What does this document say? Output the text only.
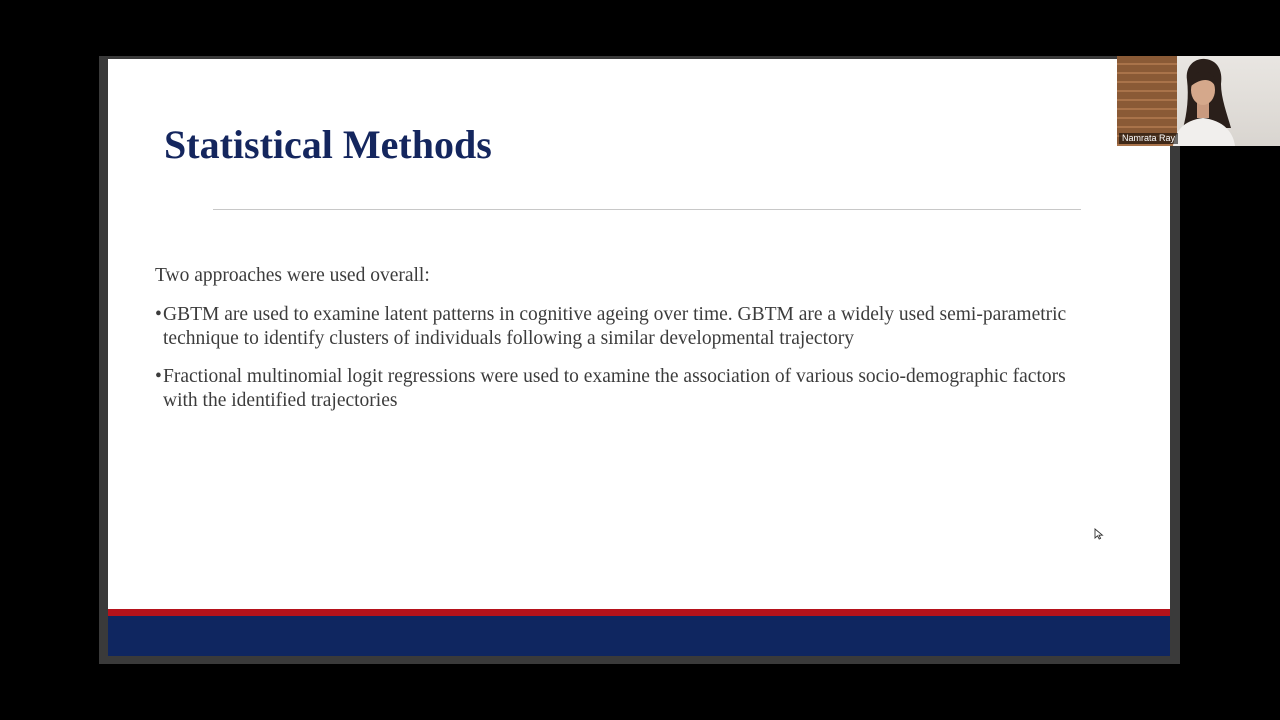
Statistical Methods

Two approaches were used overall:

• GBTM are used to examine latent patterns in cognitive ageing over time. GBTM are a widely used semi-parametric technique to identify clusters of individuals following a similar developmental trajectory
• Fractional multinomial logit regressions were used to examine the association of various socio-demographic factors with the identified trajectories
Namrata Ray
